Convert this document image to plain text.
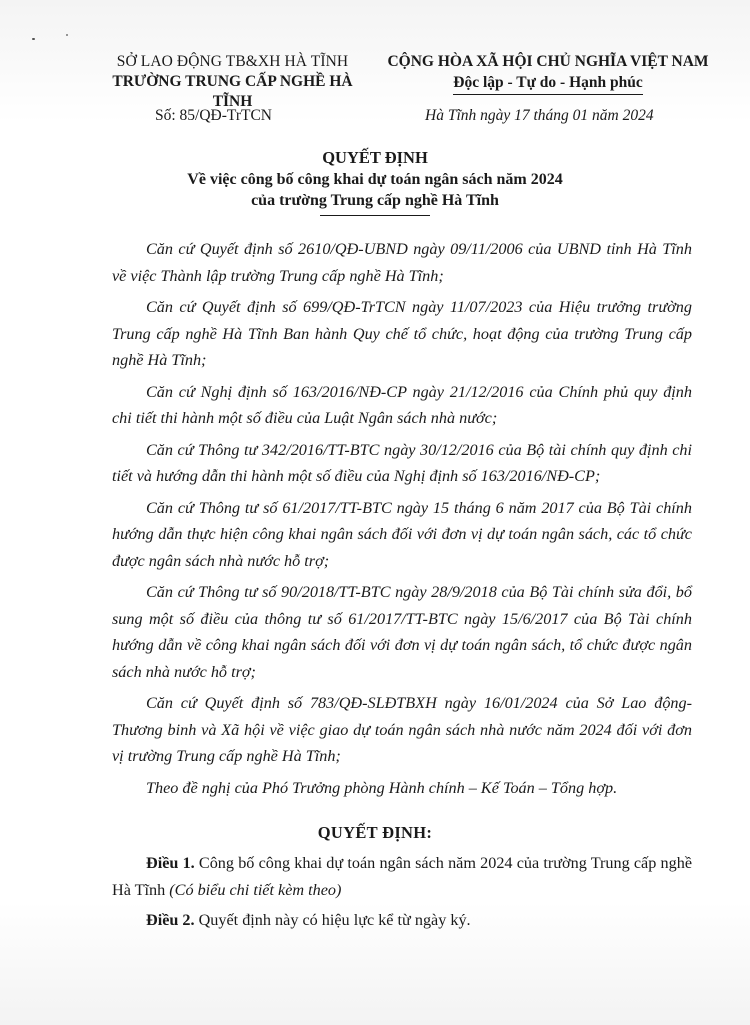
SỞ LAO ĐỘNG TB&XH HÀ TĨNH
TRƯỜNG TRUNG CẤP NGHỀ HÀ TĨNH
CỘNG HÒA XÃ HỘI CHỦ NGHĨA VIỆT NAM
Độc lập - Tự do - Hạnh phúc
Số: 85/QĐ-TrTCN	Hà Tĩnh ngày 17 tháng 01 năm 2024
QUYẾT ĐỊNH
Về việc công bố công khai dự toán ngân sách năm 2024
của trường Trung cấp nghề Hà Tĩnh

Căn cứ Quyết định số 2610/QĐ-UBND ngày 09/11/2006 của UBND tỉnh Hà Tĩnh về việc Thành lập trường Trung cấp nghề Hà Tĩnh;

Căn cứ Quyết định số 699/QĐ-TrTCN ngày 11/07/2023 của Hiệu trưởng trường Trung cấp nghề Hà Tĩnh Ban hành Quy chế tổ chức, hoạt động của trường Trung cấp nghề Hà Tĩnh;

Căn cứ Nghị định số 163/2016/NĐ-CP ngày 21/12/2016 của Chính phủ quy định chi tiết thi hành một số điều của Luật Ngân sách nhà nước;

Căn cứ Thông tư 342/2016/TT-BTC ngày 30/12/2016 của Bộ tài chính quy định chi tiết và hướng dẫn thi hành một số điều của Nghị định số 163/2016/NĐ-CP;

Căn cứ Thông tư số 61/2017/TT-BTC ngày 15 tháng 6 năm 2017 của Bộ Tài chính hướng dẫn thực hiện công khai ngân sách đối với đơn vị dự toán ngân sách, các tổ chức được ngân sách nhà nước hỗ trợ;

Căn cứ Thông tư số 90/2018/TT-BTC ngày 28/9/2018 của Bộ Tài chính sửa đổi, bổ sung một số điều của thông tư số 61/2017/TT-BTC ngày 15/6/2017 của Bộ Tài chính hướng dẫn về công khai ngân sách đối với đơn vị dự toán ngân sách, tổ chức được ngân sách nhà nước hỗ trợ;

Căn cứ Quyết định số 783/QĐ-SLĐTBXH ngày 16/01/2024 của Sở Lao động-Thương binh và Xã hội về việc giao dự toán ngân sách nhà nước năm 2024 đối với đơn vị trường Trung cấp nghề Hà Tĩnh;

Theo đề nghị của Phó Trưởng phòng Hành chính – Kế Toán – Tổng hợp.

QUYẾT ĐỊNH:

Điều 1. Công bố công khai dự toán ngân sách năm 2024 của trường Trung cấp nghề Hà Tĩnh (Có biểu chi tiết kèm theo)

Điều 2. Quyết định này có hiệu lực kể từ ngày ký.
